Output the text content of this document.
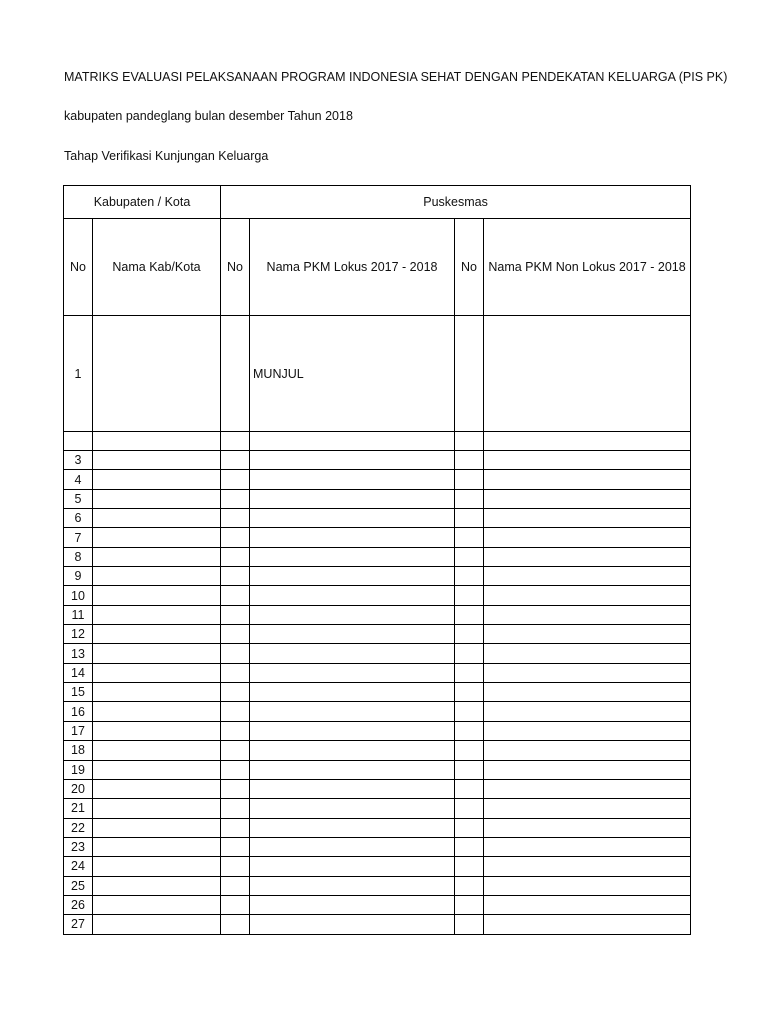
MATRIKS EVALUASI PELAKSANAAN PROGRAM INDONESIA SEHAT DENGAN PENDEKATAN KELUARGA (PIS PK)
kabupaten pandeglang bulan desember Tahun 2018
Tahap Verifikasi Kunjungan Keluarga
Kabupaten / Kota		Puskesmas			
No	Nama Kab/Kota	No	Nama PKM Lokus 2017 - 2018	No	Nama PKM Non Lokus 2017 - 2018
1			MUNJUL		

3					
4					
5					
6					
7					
8					
9					
10					
11					
12					
13					
14					
15					
16					
17					
18					
19					
20					
21					
22					
23					
24					
25					
26					
27					
